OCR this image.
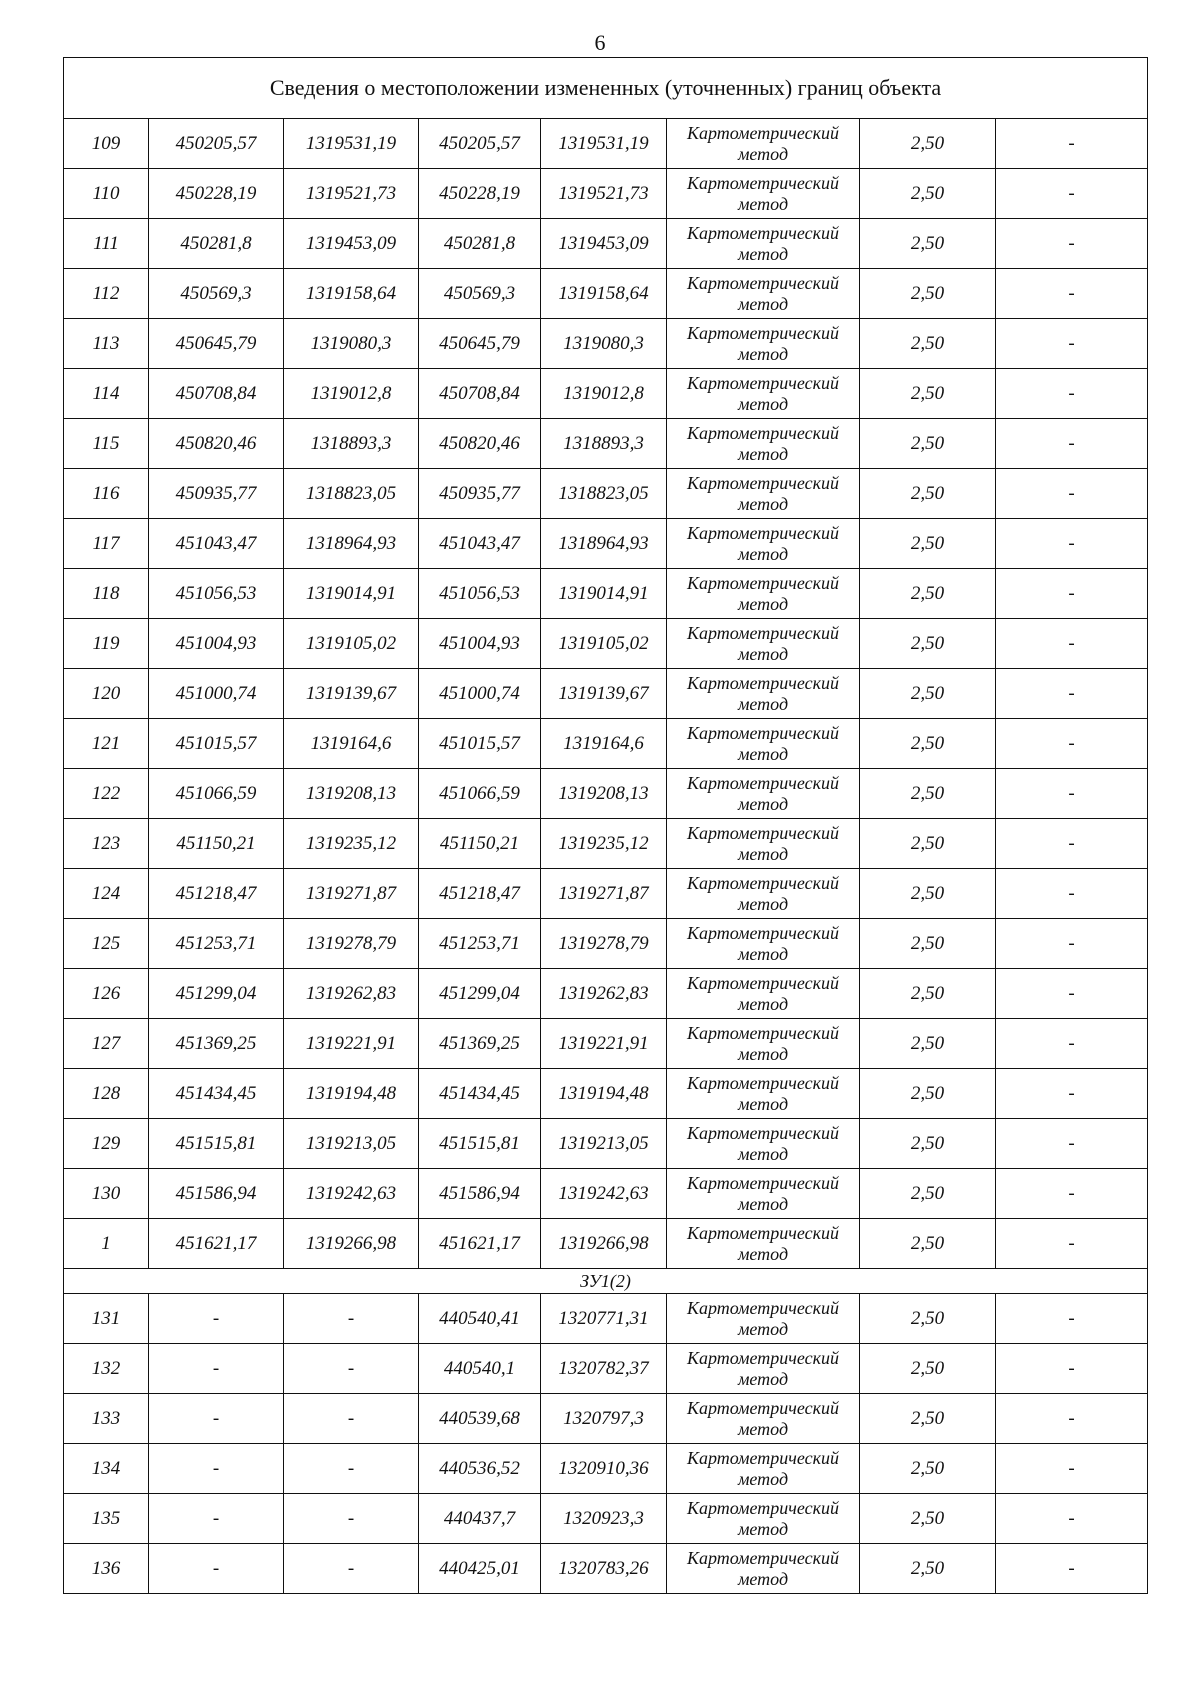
6
Сведения о местоположении измененных (уточненных) границ объекта							
109	450205,57	1319531,19	450205,57	1319531,19	Картометрический метод	2,50	-
110	450228,19	1319521,73	450228,19	1319521,73	Картометрический метод	2,50	-
111	450281,8	1319453,09	450281,8	1319453,09	Картометрический метод	2,50	-
112	450569,3	1319158,64	450569,3	1319158,64	Картометрический метод	2,50	-
113	450645,79	1319080,3	450645,79	1319080,3	Картометрический метод	2,50	-
114	450708,84	1319012,8	450708,84	1319012,8	Картометрический метод	2,50	-
115	450820,46	1318893,3	450820,46	1318893,3	Картометрический метод	2,50	-
116	450935,77	1318823,05	450935,77	1318823,05	Картометрический метод	2,50	-
117	451043,47	1318964,93	451043,47	1318964,93	Картометрический метод	2,50	-
118	451056,53	1319014,91	451056,53	1319014,91	Картометрический метод	2,50	-
119	451004,93	1319105,02	451004,93	1319105,02	Картометрический метод	2,50	-
120	451000,74	1319139,67	451000,74	1319139,67	Картометрический метод	2,50	-
121	451015,57	1319164,6	451015,57	1319164,6	Картометрический метод	2,50	-
122	451066,59	1319208,13	451066,59	1319208,13	Картометрический метод	2,50	-
123	451150,21	1319235,12	451150,21	1319235,12	Картометрический метод	2,50	-
124	451218,47	1319271,87	451218,47	1319271,87	Картометрический метод	2,50	-
125	451253,71	1319278,79	451253,71	1319278,79	Картометрический метод	2,50	-
126	451299,04	1319262,83	451299,04	1319262,83	Картометрический метод	2,50	-
127	451369,25	1319221,91	451369,25	1319221,91	Картометрический метод	2,50	-
128	451434,45	1319194,48	451434,45	1319194,48	Картометрический метод	2,50	-
129	451515,81	1319213,05	451515,81	1319213,05	Картометрический метод	2,50	-
130	451586,94	1319242,63	451586,94	1319242,63	Картометрический метод	2,50	-
1	451621,17	1319266,98	451621,17	1319266,98	Картометрический метод	2,50	-
ЗУ1(2)							
131	-	-	440540,41	1320771,31	Картометрический метод	2,50	-
132	-	-	440540,1	1320782,37	Картометрический метод	2,50	-
133	-	-	440539,68	1320797,3	Картометрический метод	2,50	-
134	-	-	440536,52	1320910,36	Картометрический метод	2,50	-
135	-	-	440437,7	1320923,3	Картометрический метод	2,50	-
136	-	-	440425,01	1320783,26	Картометрический метод	2,50	-
